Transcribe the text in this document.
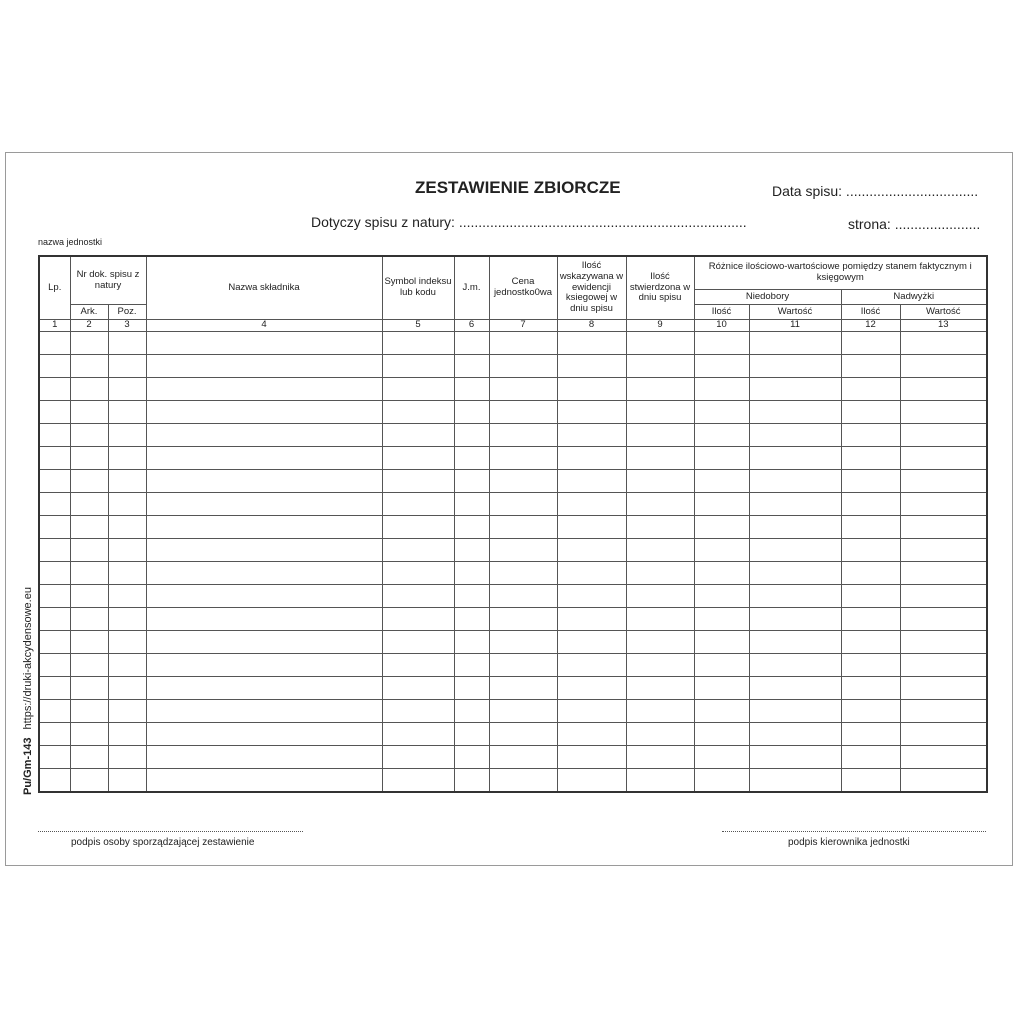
ZESTAWIENIE ZBIORCZE	Data spisu: ..................................
Dotyczy spisu z natury: ..........................................................................	strona: ......................
nazwa jednostki
Pu/Gm-143https://druki-akcydensowe.eu
Lp.	Nr dok. spisu z natury		Nazwa składnika	Symbol indeksu lub kodu	J.m.	Cena jednostko0wa	Ilość wskazywana w ewidencji ksiegowej w dniu spisu	Ilość stwierdzona w dniu spisu	Różnice ilościowo-wartościowe pomiędzy stanem faktycznym i księgowym			
									Niedobory		Nadwyżki	
	Ark.	Poz.							Ilość	Wartość	Ilość	Wartość
1	2	3	4	5	6	7	8	9	10	11	12	13

podpis osoby sporządzającej zestawienie	podpis kierownika jednostki
